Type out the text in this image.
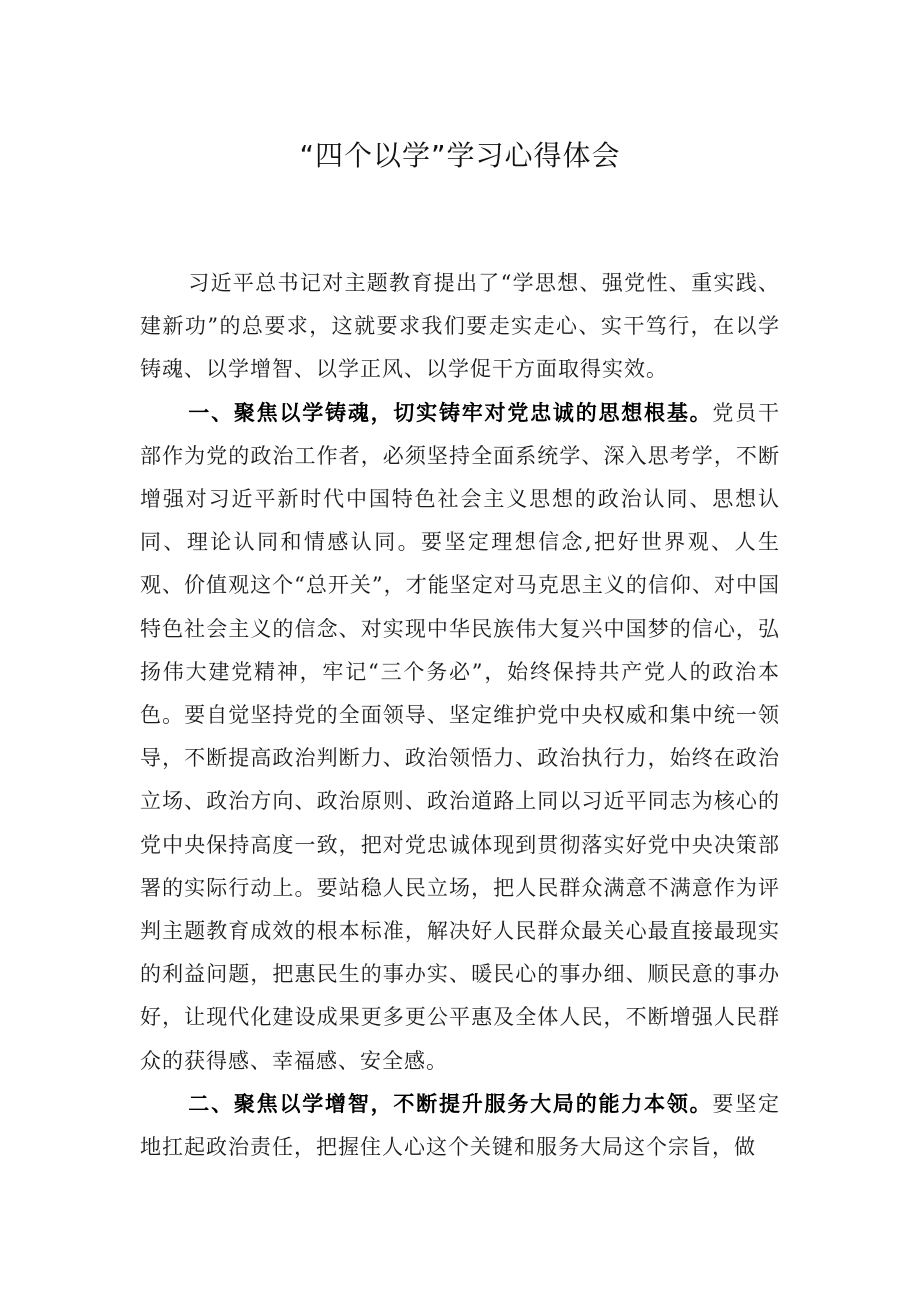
“四个以学”学习心得体会

习近平总书记对主题教育提出了“学思想、强党性、重实践、建新功”的总要求，这就要求我们要走实走心、实干笃行，在以学铸魂、以学增智、以学正风、以学促干方面取得实效。

一、聚焦以学铸魂，切实铸牢对党忠诚的思想根基。党员干部作为党的政治工作者，必须坚持全面系统学、深入思考学，不断增强对习近平新时代中国特色社会主义思想的政治认同、思想认同、理论认同和情感认同。要坚定理想信念,把好世界观、人生观、价值观这个“总开关”，才能坚定对马克思主义的信仰、对中国特色社会主义的信念、对实现中华民族伟大复兴中国梦的信心，弘扬伟大建党精神，牢记“三个务必”，始终保持共产党人的政治本色。要自觉坚持党的全面领导、坚定维护党中央权威和集中统一领导，不断提高政治判断力、政治领悟力、政治执行力，始终在政治立场、政治方向、政治原则、政治道路上同以习近平同志为核心的党中央保持高度一致，把对党忠诚体现到贯彻落实好党中央决策部署的实际行动上。要站稳人民立场，把人民群众满意不满意作为评判主题教育成效的根本标准，解决好人民群众最关心最直接最现实的利益问题，把惠民生的事办实、暖民心的事办细、顺民意的事办好，让现代化建设成果更多更公平惠及全体人民，不断增强人民群众的获得感、幸福感、安全感。

二、聚焦以学增智，不断提升服务大局的能力本领。要坚定地扛起政治责任，把握住人心这个关键和服务大局这个宗旨，做
